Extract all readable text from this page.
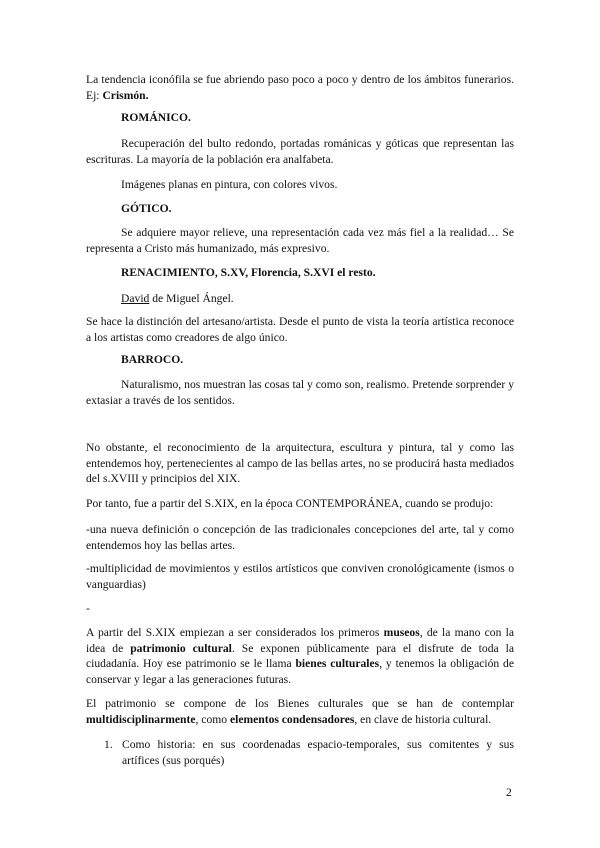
La tendencia iconófila se fue abriendo paso poco a poco y dentro de los ámbitos funerarios. Ej: Crismón.

ROMÁNICO.

Recuperación del bulto redondo, portadas románicas y góticas que representan las escrituras. La mayoría de la población era analfabeta.

Imágenes planas en pintura, con colores vivos.

GÓTICO.

Se adquiere mayor relieve, una representación cada vez más fiel a la realidad… Se representa a Cristo más humanizado, más expresivo.

RENACIMIENTO, S.XV, Florencia, S.XVI el resto.

David de Miguel Ángel.

Se hace la distinción del artesano/artista. Desde el punto de vista la teoría artística reconoce a los artistas como creadores de algo único.

BARROCO.

Naturalismo, nos muestran las cosas tal y como son, realismo. Pretende sorprender y extasiar a través de los sentidos.

No obstante, el reconocimiento de la arquitectura, escultura y pintura, tal y como las entendemos hoy, pertenecientes al campo de las bellas artes, no se producirá hasta mediados del s.XVIII y principios del XIX.

Por tanto, fue a partir del S.XIX, en la época CONTEMPORÁNEA, cuando se produjo:

-una nueva definición o concepción de las tradicionales concepciones del arte, tal y como entendemos hoy las bellas artes.

-multiplicidad de movimientos y estilos artísticos que conviven cronológicamente (ismos o vanguardias)

-

A partir del S.XIX empiezan a ser considerados los primeros museos, de la mano con la idea de patrimonio cultural. Se exponen públicamente para el disfrute de toda la ciudadanía. Hoy ese patrimonio se le llama bienes culturales, y tenemos la obligación de conservar y legar a las generaciones futuras.

El patrimonio se compone de los Bienes culturales que se han de contemplar multidisciplinarmente, como elementos condensadores, en clave de historia cultural.

1. Como historia: en sus coordenadas espacio-temporales, sus comitentes y sus artífices (sus porqués)
2
